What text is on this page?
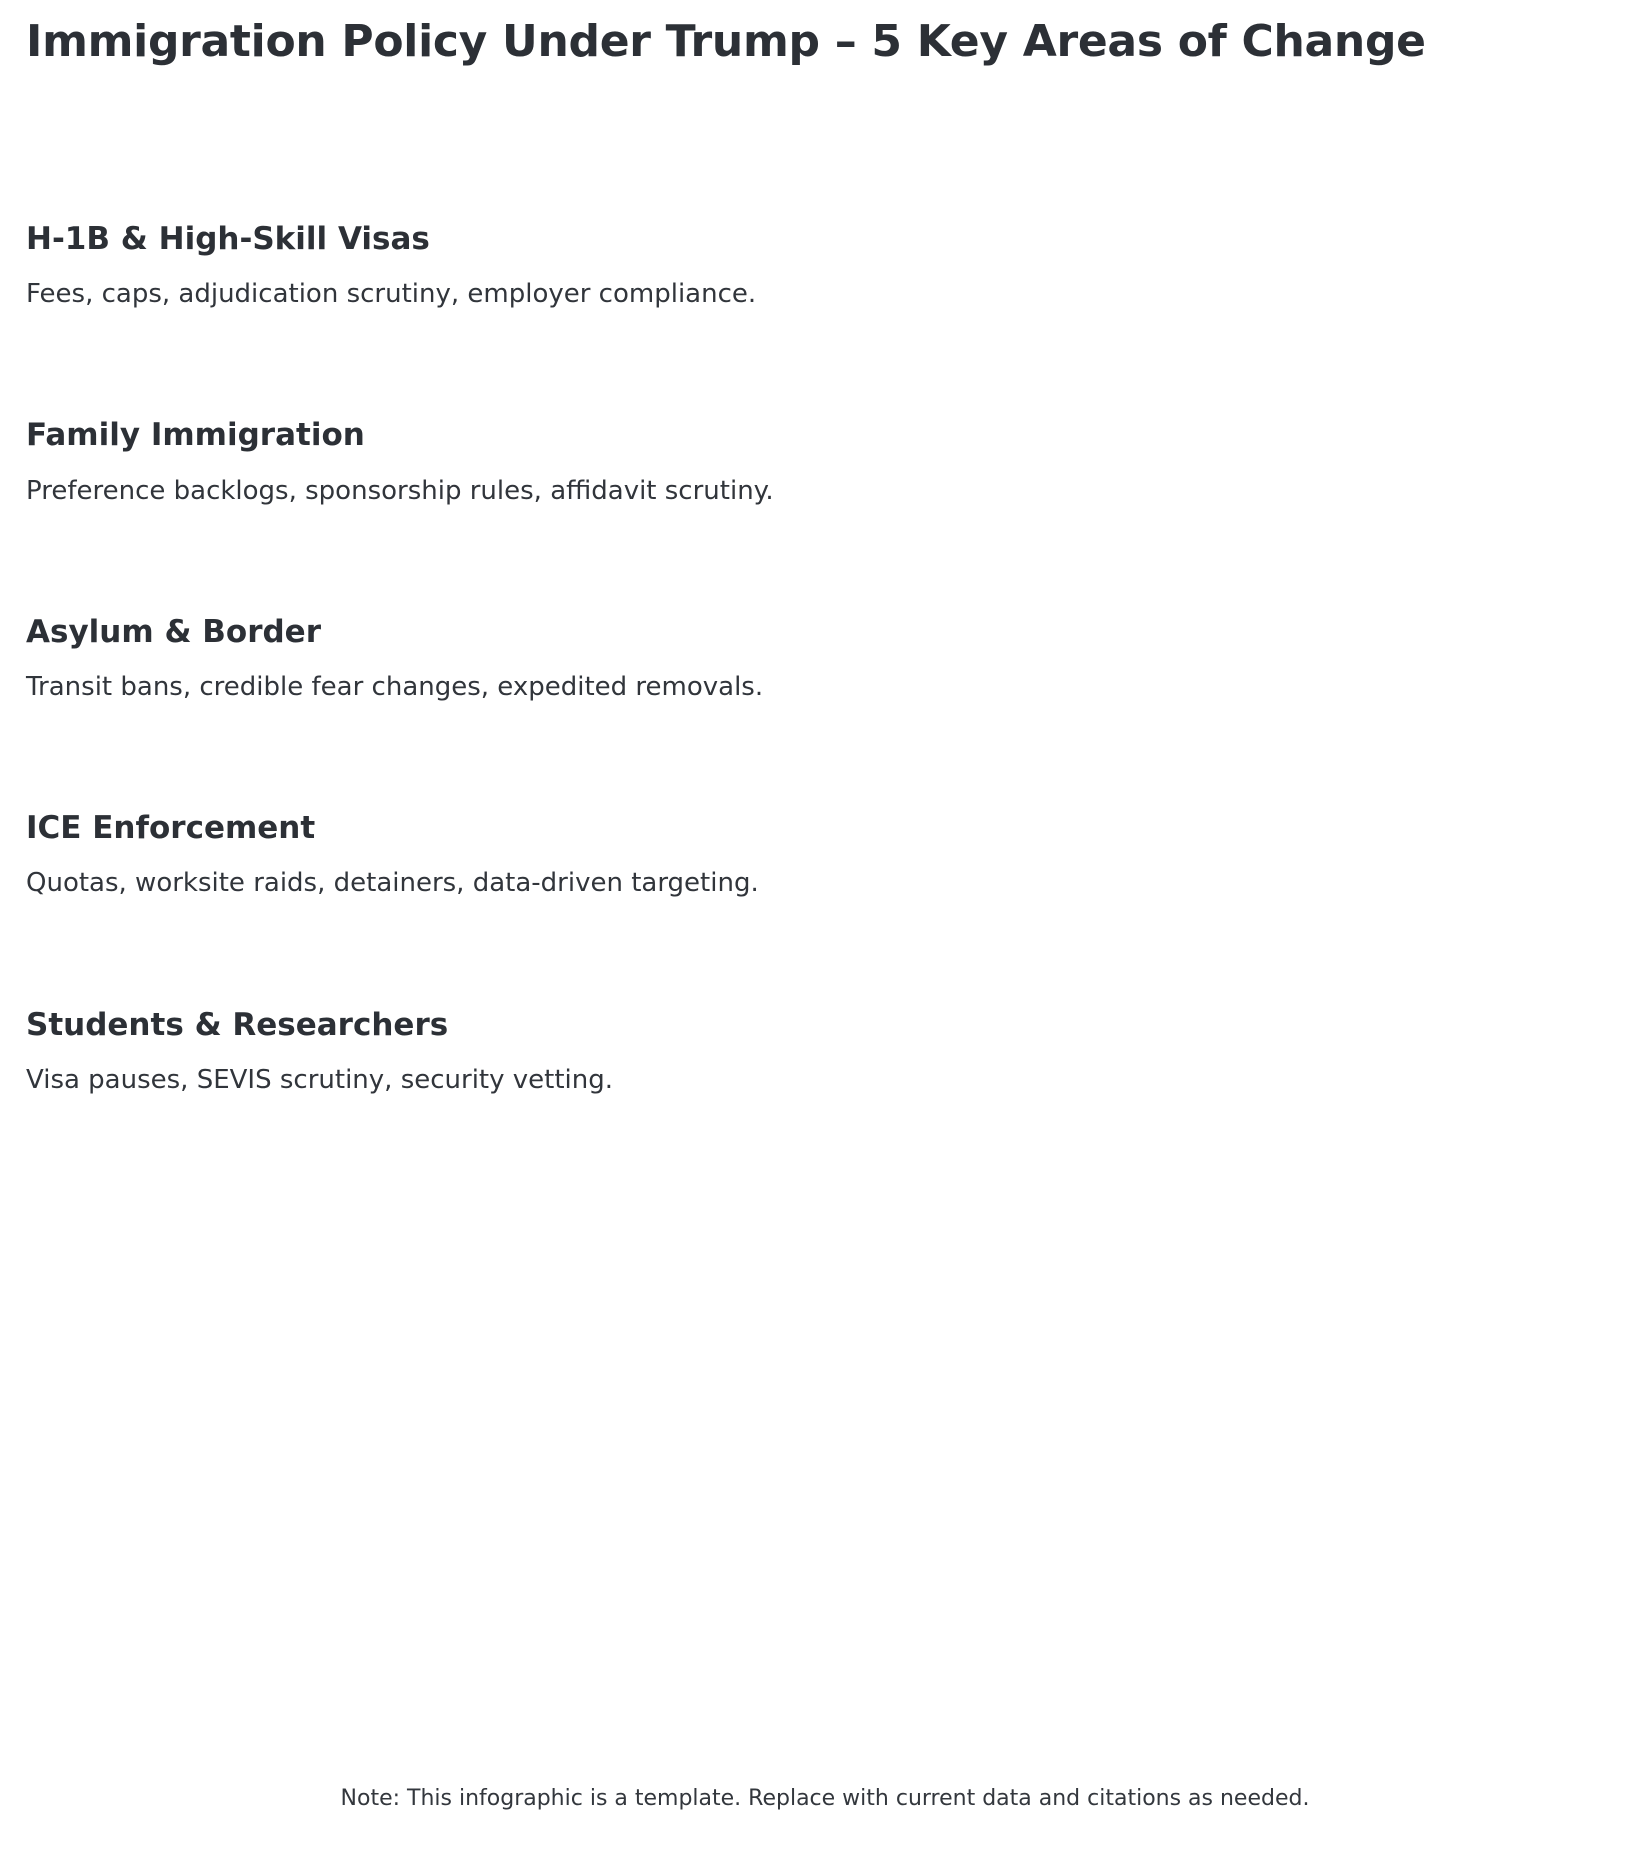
Immigration Policy Under Trump – 5 Key Areas of Change
H-1B & High-Skill Visas

Fees, caps, adjudication scrutiny, employer compliance.

Family Immigration

Preference backlogs, sponsorship rules, affidavit scrutiny.

Asylum & Border

Transit bans, credible fear changes, expedited removals.

ICE Enforcement

Quotas, worksite raids, detainers, data-driven targeting.

Students & Researchers

Visa pauses, SEVIS scrutiny, security vetting.

Note: This infographic is a template. Replace with current data and citations as needed.
